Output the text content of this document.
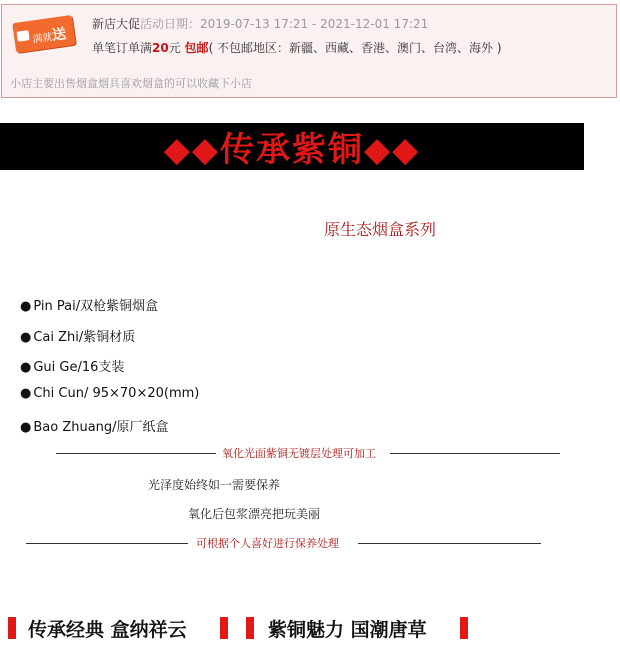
满就送
新店大促活动日期：2019-07-13 17:21 - 2021-12-01 17:21
单笔订单满20元 包邮( 不包邮地区：新疆、西藏、香港、澳门、台湾、海外 )
小店主要出售烟盒烟具喜欢烟盒的可以收藏下小店
◆◆传承紫铜◆◆
原生态烟盒系列
● Pin Pai/双枪紫铜烟盒
● Cai Zhi/紫铜材质
● Gui Ge/16支装
● Chi Cun/ 95×70×20(mm)
● Bao Zhuang/原厂纸盒
氧化光面紫铜无镀层处理可加工
光泽度始终如一需要保养
氧化后包浆漂亮把玩美丽
可根据个人喜好进行保养处理
传承经典 盒纳祥云	紫铜魅力 国潮唐草
